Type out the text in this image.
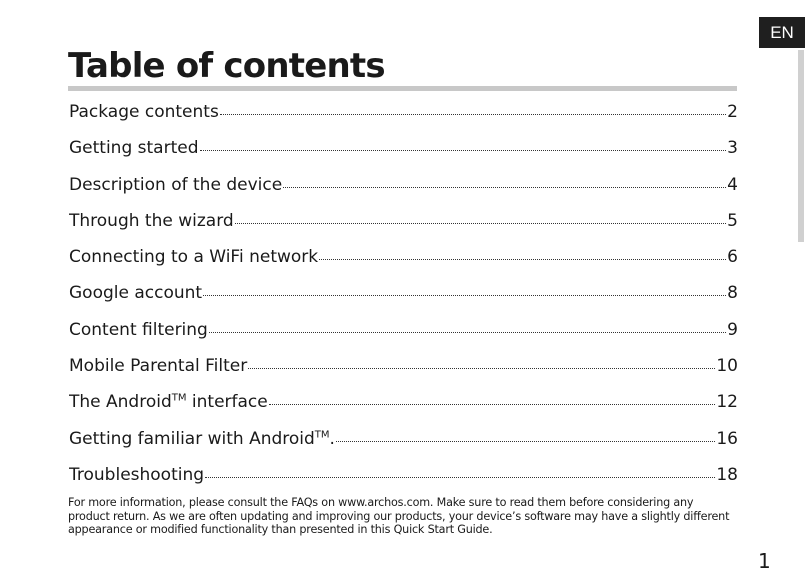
EN
Table of contents
Package contents	2
Getting started	3
Description of the device	4
Through the wizard	5
Connecting to a WiFi network	6
Google account	8
Content filtering	9
Mobile Parental Filter	10
The Android™ interface	12
Getting familiar with Android™.	16
Troubleshooting	18

For more information, please consult the FAQs on www.archos.com. Make sure to read them before considering any product return. As we are often updating and improving our products, your device’s software may have a slightly different appearance or modified functionality than presented in this Quick Start Guide.

1
